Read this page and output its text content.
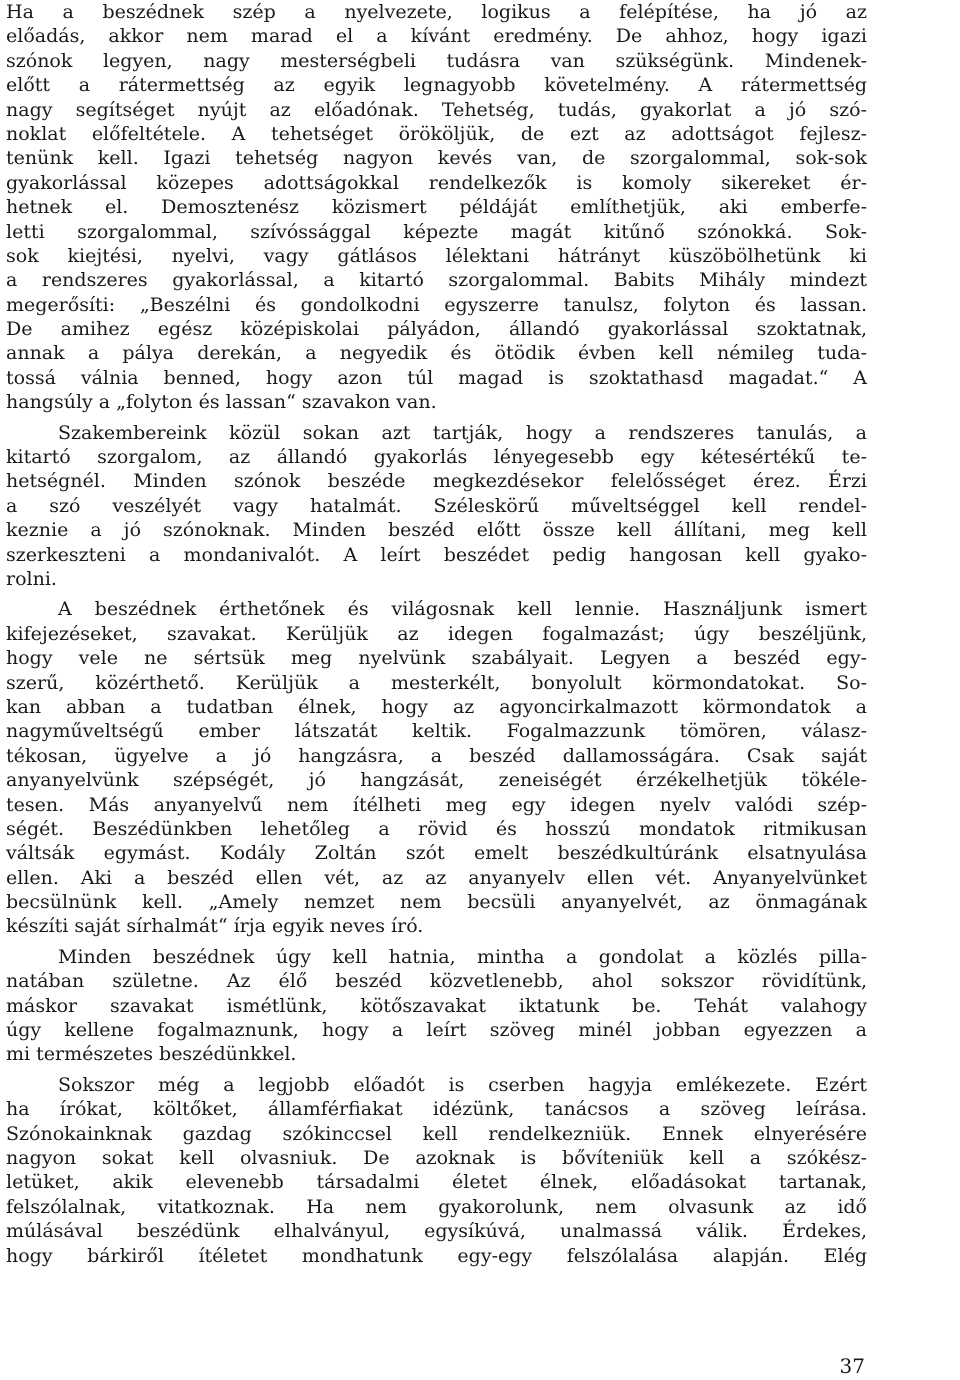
Ha a beszédnek szép a nyelvezete, logikus a felépítése, ha jó az
előadás, akkor nem marad el a kívánt eredmény. De ahhoz, hogy igazi
szónok legyen, nagy mesterségbeli tudásra van szükségünk. Mindenek-
előtt a rátermettség az egyik legnagyobb követelmény. A rátermettség
nagy segítséget nyújt az előadónak. Tehetség, tudás, gyakorlat a jó szó-
noklat előfeltétele. A tehetséget örököljük, de ezt az adottságot fejlesz-
tenünk kell. Igazi tehetség nagyon kevés van, de szorgalommal, sok-sok
gyakorlással közepes adottságokkal rendelkezők is komoly sikereket ér-
hetnek el. Demosztenész közismert példáját említhetjük, aki emberfe-
letti szorgalommal, szívóssággal képezte magát kitűnő szónokká. Sok-
sok kiejtési, nyelvi, vagy gátlásos lélektani hátrányt küszöbölhetünk ki
a rendszeres gyakorlással, a kitartó szorgalommal. Babits Mihály mindezt
megerősíti: „Beszélni és gondolkodni egyszerre tanulsz, folyton és lassan.
De amihez egész középiskolai pályádon, állandó gyakorlással szoktatnak,
annak a pálya derekán, a negyedik és ötödik évben kell némileg tuda-
tossá válnia benned, hogy azon túl magad is szoktathasd magadat.“ A
hangsúly a „folyton és lassan“ szavakon van.
Szakembereink közül sokan azt tartják, hogy a rendszeres tanulás, a
kitartó szorgalom, az állandó gyakorlás lényegesebb egy kétesértékű te-
hetségnél. Minden szónok beszéde megkezdésekor felelősséget érez. Érzi
a szó veszélyét vagy hatalmát. Széleskörű műveltséggel kell rendel-
keznie a jó szónoknak. Minden beszéd előtt össze kell állítani, meg kell
szerkeszteni a mondanivalót. A leírt beszédet pedig hangosan kell gyako-
rolni.
A beszédnek érthetőnek és világosnak kell lennie. Használjunk ismert
kifejezéseket, szavakat. Kerüljük az idegen fogalmazást; úgy beszéljünk,
hogy vele ne sértsük meg nyelvünk szabályait. Legyen a beszéd egy-
szerű, közérthető. Kerüljük a mesterkélt, bonyolult körmondatokat. So-
kan abban a tudatban élnek, hogy az agyoncirkalmazott körmondatok a
nagyműveltségű ember látszatát keltik. Fogalmazzunk tömören, válasz-
tékosan, ügyelve a jó hangzásra, a beszéd dallamosságára. Csak saját
anyanyelvünk szépségét, jó hangzását, zeneiségét érzékelhetjük tökéle-
tesen. Más anyanyelvű nem ítélheti meg egy idegen nyelv valódi szép-
ségét. Beszédünkben lehetőleg a rövid és hosszú mondatok ritmikusan
váltsák egymást. Kodály Zoltán szót emelt beszédkultúránk elsatnyulása
ellen. Aki a beszéd ellen vét, az az anyanyelv ellen vét. Anyanyelvünket
becsülnünk kell. „Amely nemzet nem becsüli anyanyelvét, az önmagának
készíti saját sírhalmát“ írja egyik neves író.
Minden beszédnek úgy kell hatnia, mintha a gondolat a közlés pilla-
natában születne. Az élő beszéd közvetlenebb, ahol sokszor rövidítünk,
máskor szavakat ismétlünk, kötőszavakat iktatunk be. Tehát valahogy
úgy kellene fogalmaznunk, hogy a leírt szöveg minél jobban egyezzen a
mi természetes beszédünkkel.
Sokszor még a legjobb előadót is cserben hagyja emlékezete. Ezért
ha írókat, költőket, államférfiakat idézünk, tanácsos a szöveg leírása.
Szónokainknak gazdag szókinccsel kell rendelkezniük. Ennek elnyerésére
nagyon sokat kell olvasniuk. De azoknak is bővíteniük kell a szókész-
letüket, akik elevenebb társadalmi életet élnek, előadásokat tartanak,
felszólalnak, vitatkoznak. Ha nem gyakorolunk, nem olvasunk az idő
múlásával beszédünk elhalványul, egysíkúvá, unalmassá válik. Érdekes,
hogy bárkiről ítéletet mondhatunk egy-egy felszólalása alapján. Elég
37
